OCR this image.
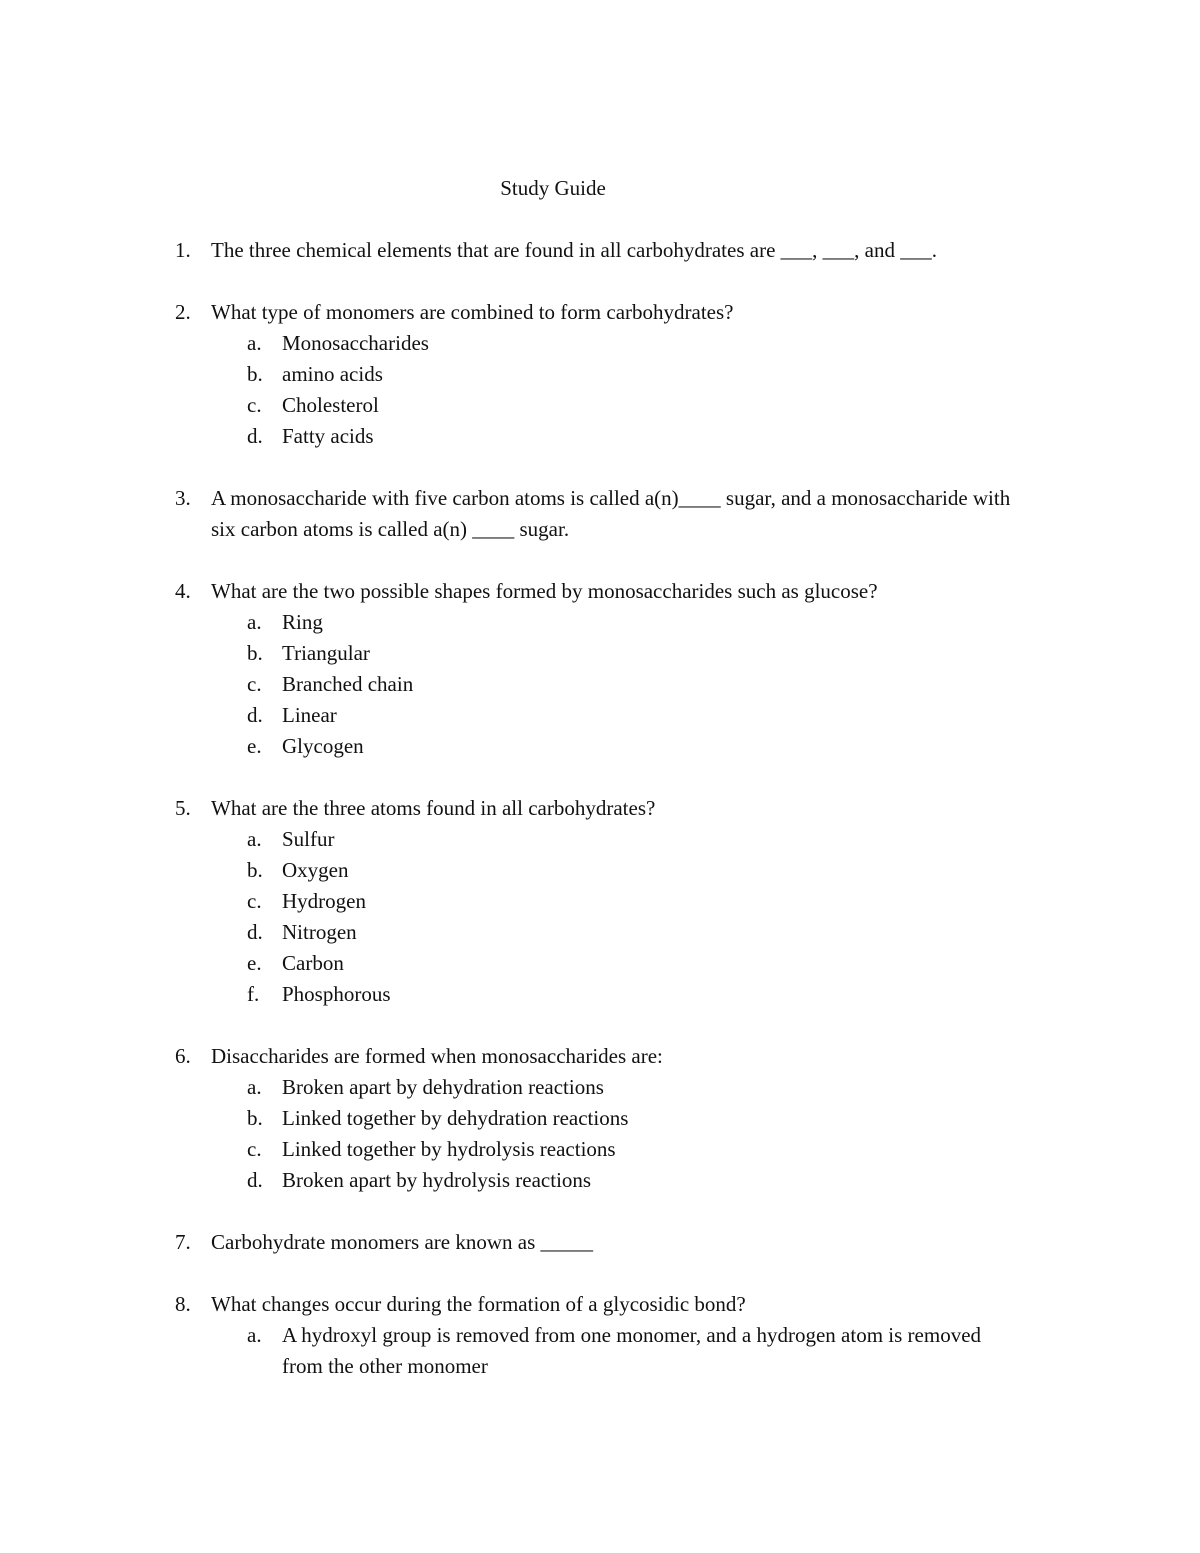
Study Guide
1. The three chemical elements that are found in all carbohydrates are ___, ___, and ___.
2. What type of monomers are combined to form carbohydrates?
a. Monosaccharides
b. amino acids
c. Cholesterol
d. Fatty acids
3. A monosaccharide with five carbon atoms is called a(n)____ sugar, and a monosaccharide with six carbon atoms is called a(n) ____ sugar.
4. What are the two possible shapes formed by monosaccharides such as glucose?
a. Ring
b. Triangular
c. Branched chain
d. Linear
e. Glycogen
5. What are the three atoms found in all carbohydrates?
a. Sulfur
b. Oxygen
c. Hydrogen
d. Nitrogen
e. Carbon
f. Phosphorous
6. Disaccharides are formed when monosaccharides are:
a. Broken apart by dehydration reactions
b. Linked together by dehydration reactions
c. Linked together by hydrolysis reactions
d. Broken apart by hydrolysis reactions
7. Carbohydrate monomers are known as _____
8. What changes occur during the formation of a glycosidic bond?
a. A hydroxyl group is removed from one monomer, and a hydrogen atom is removed from the other monomer
